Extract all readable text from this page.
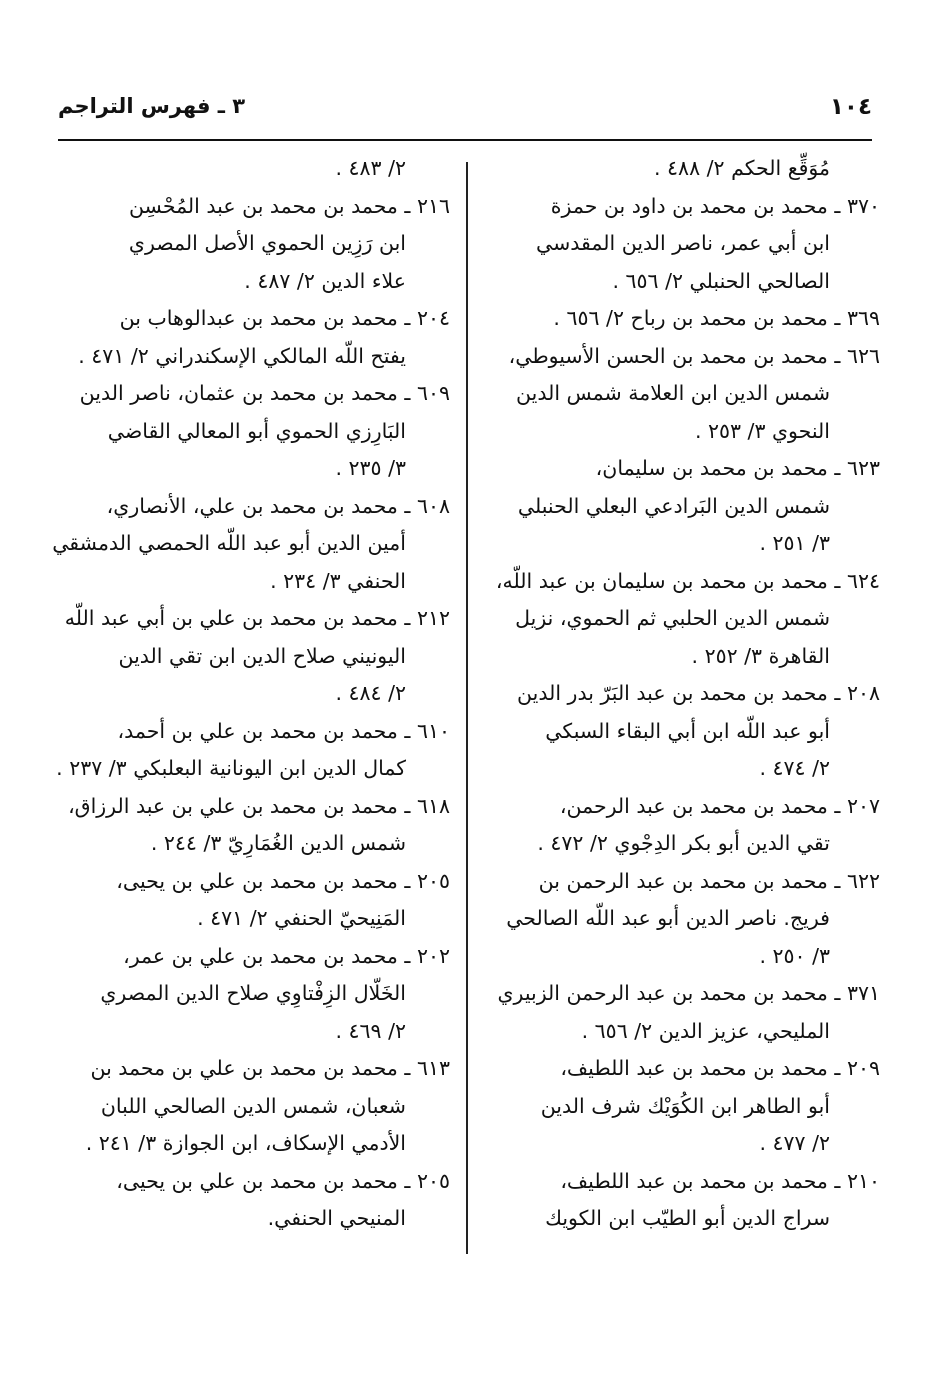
١٠٤
٣ ـ فهرس التراجم
مُوَقِّع الحكم ٢/ ٤٨٨ .
٣٧٠ ـ محمد بن محمد بن داود بن حمزة
ابن أبي عمر، ناصر الدين المقدسي
الصالحي الحنبلي ٢/ ٦٥٦ .
٣٦٩ ـ محمد بن محمد بن رباح ٢/ ٦٥٦ .
٦٢٦ ـ محمد بن محمد بن الحسن الأسيوطي،
شمس الدين ابن العلامة شمس الدين
النحوي ٣/ ٢٥٣ .
٦٢٣ ـ محمد بن محمد بن سليمان،
شمس الدين البَرادعي البعلي الحنبلي
٣/ ٢٥١ .
٦٢٤ ـ محمد بن محمد بن سليمان بن عبد اللّه،
شمس الدين الحلبي ثم الحموي، نزيل
القاهرة ٣/ ٢٥٢ .
٢٠٨ ـ محمد بن محمد بن عبد البَرّ بدر الدين
أبو عبد اللّه ابن أبي البقاء السبكي
٢/ ٤٧٤ .
٢٠٧ ـ محمد بن محمد بن عبد الرحمن،
تقي الدين أبو بكر الدِجْوي ٢/ ٤٧٢ .
٦٢٢ ـ محمد بن محمد بن عبد الرحمن بن
فريج. ناصر الدين أبو عبد اللّه الصالحي
٣/ ٢٥٠ .
٣٧١ ـ محمد بن محمد بن عبد الرحمن الزبيري
المليحي، عزيز الدين ٢/ ٦٥٦ .
٢٠٩ ـ محمد بن محمد بن عبد اللطيف،
أبو الطاهر ابن الكُوَيْك شرف الدين
٢/ ٤٧٧ .
٢١٠ ـ محمد بن محمد بن عبد اللطيف،
سراج الدين أبو الطيّب ابن الكويك
٢/ ٤٨٣ .
٢١٦ ـ محمد بن محمد بن عبد المُحْسِن
ابن رَزِين الحموي الأصل المصري
علاء الدين ٢/ ٤٨٧ .
٢٠٤ ـ محمد بن محمد بن عبدالوهاب بن
يفتح اللّه المالكي الإسكندراني ٢/ ٤٧١ .
٦٠٩ ـ محمد بن محمد بن عثمان، ناصر الدين
البَارِزي الحموي أبو المعالي القاضي
٣/ ٢٣٥ .
٦٠٨ ـ محمد بن محمد بن علي، الأنصاري،
أمين الدين أبو عبد اللّه الحمصي الدمشقي
الحنفي ٣/ ٢٣٤ .
٢١٢ ـ محمد بن محمد بن علي بن أبي عبد اللّه
اليونيني صلاح الدين ابن تقي الدين
٢/ ٤٨٤ .
٦١٠ ـ محمد بن محمد بن علي بن أحمد،
كمال الدين ابن اليونانية البعلبكي ٣/ ٢٣٧ .
٦١٨ ـ محمد بن محمد بن علي بن عبد الرزاق،
شمس الدين الغُمَارِيّ ٣/ ٢٤٤ .
٢٠٥ ـ محمد بن محمد بن علي بن يحيى،
المَنِيحيّ الحنفي ٢/ ٤٧١ .
٢٠٢ ـ محمد بن محمد بن علي بن عمر،
الخَلّال الزِفْتاوِي صلاح الدين المصري
٢/ ٤٦٩ .
٦١٣ ـ محمد بن محمد بن علي بن محمد بن
شعبان، شمس الدين الصالحي اللبان
الأدمي الإسكاف، ابن الجوازة ٣/ ٢٤١ .
٢٠٥ ـ محمد بن محمد بن علي بن يحيى،
المنيحي الحنفي.
